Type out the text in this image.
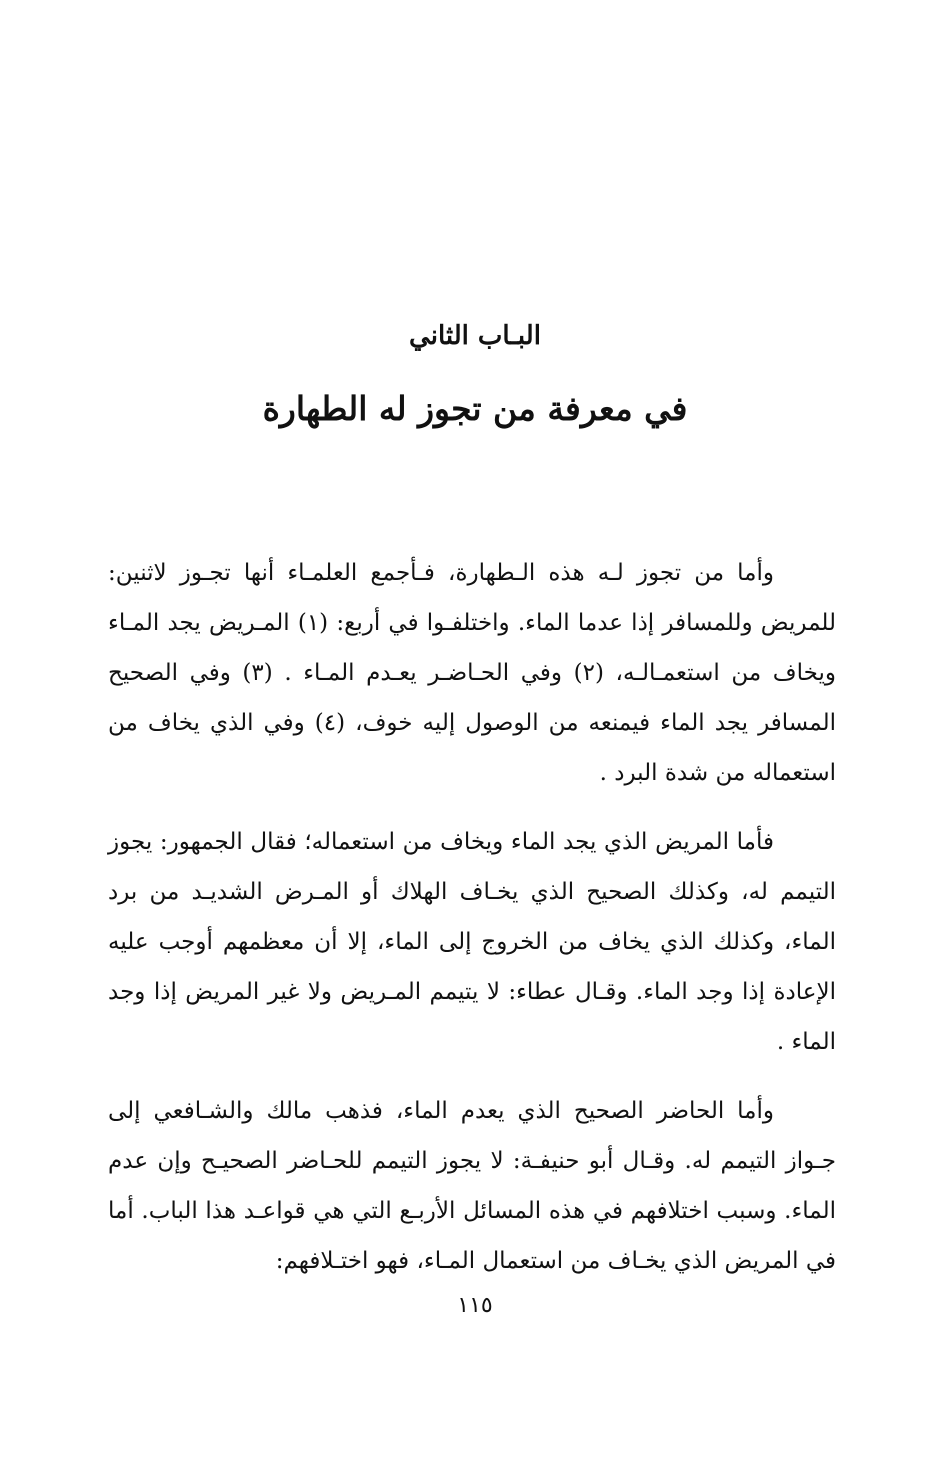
البـاب الثاني
في معرفة من تجوز له الطهارة

وأما من تجوز لـه هذه الـطهارة، فـأجمع العلمـاء أنها تجـوز لاثنين: للمريض وللمسافر إذا عدما الماء. واختلفـوا في أربع: (١) المـريض يجد المـاء ويخاف من استعمـالـه، (٢) وفي الحـاضـر يعـدم المـاء . (٣) وفي الصحيح المسافر يجد الماء فيمنعه من الوصول إليه خوف، (٤) وفي الذي يخاف من استعماله من شدة البرد .

فأما المريض الذي يجد الماء ويخاف من استعماله؛ فقال الجمهور: يجوز التيمم له، وكذلك الصحيح الذي يخـاف الهلاك أو المـرض الشديـد من برد الماء، وكذلك الذي يخاف من الخروج إلى الماء، إلا أن معظمهم أوجب عليه الإعادة إذا وجد الماء. وقـال عطاء: لا يتيمم المـريض ولا غير المريض إذا وجد الماء .

وأما الحاضر الصحيح الذي يعدم الماء، فذهب مالك والشـافعي إلى جـواز التيمم له. وقـال أبو حنيفـة: لا يجوز التيمم للحـاضر الصحيـح وإن عدم الماء. وسبب اختلافهم في هذه المسائل الأربـع التي هي قواعـد هذا الباب. أما في المريض الذي يخـاف من استعمال المـاء، فهو اختـلافهم:

١١٥
